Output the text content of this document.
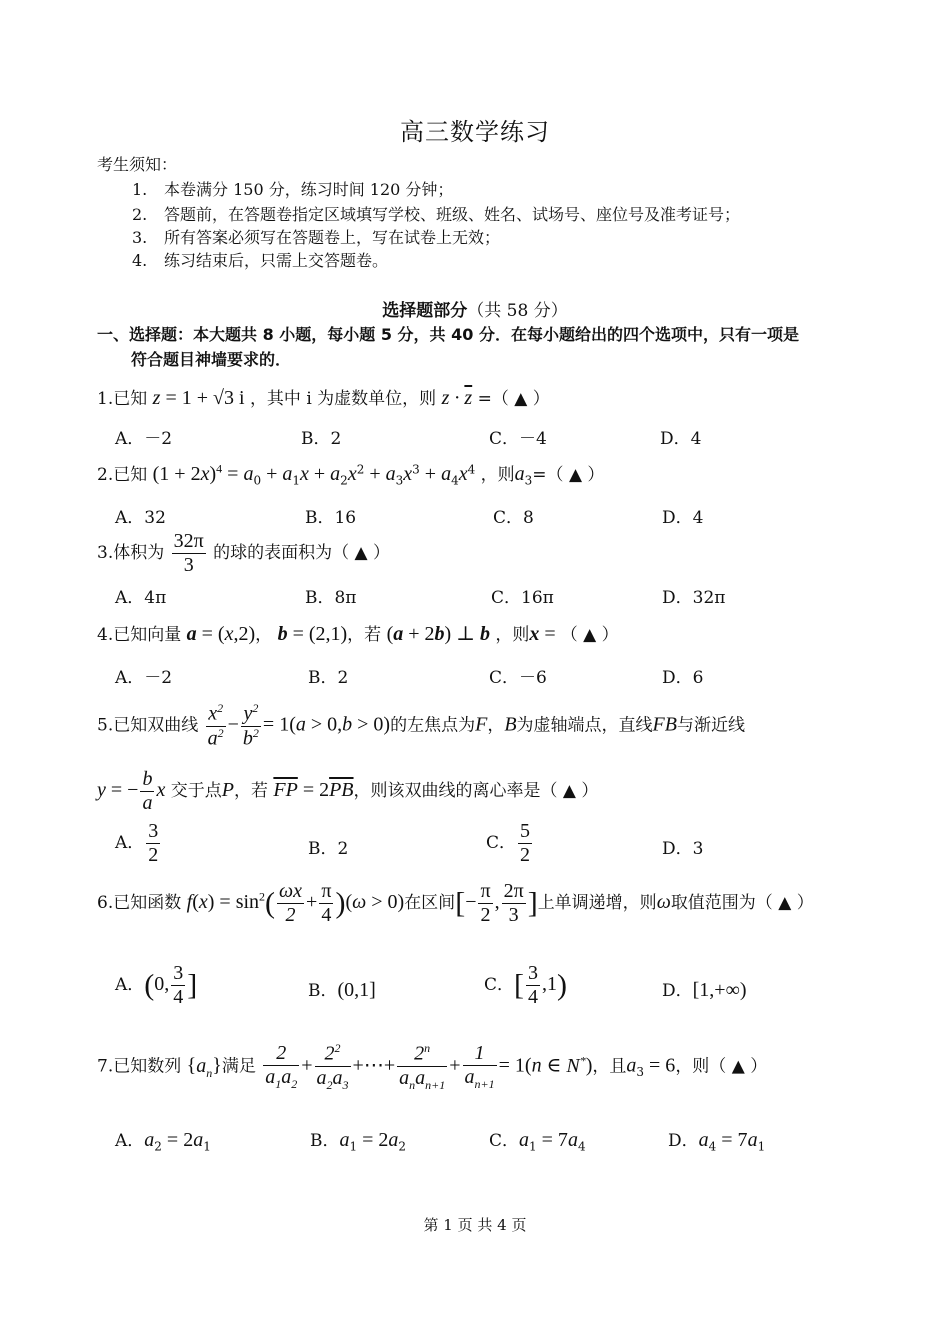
高三数学练习
考生须知：
1. 本卷满分 150 分，练习时间 120 分钟；
2. 答题前，在答题卷指定区域填写学校、班级、姓名、试场号、座位号及准考证号；
3. 所有答案必须写在答题卷上，写在试卷上无效；
4. 练习结束后，只需上交答题卷。
选择题部分（共 58 分）
一、选择题：本大题共 8 小题，每小题 5 分，共 40 分．在每小题给出的四个选项中，只有一项是
符合题目神墙要求的．
1.已知 z = 1 + √3 i ，其中 i 为虚数单位，则 $z \cdot \overline{z}$ =（ ▲ ）
A．－2	B．2	C．－4	D．4
2.已知 $(1 + 2x)^4 = a_0 + a_1x + a_2x^2 + a_3x^3 + a_4x^4$ ，则$a_3=$（ ▲ ）
A．32	B．16	C．8	D．4
3.体积为 $\frac{32\pi}{3}$ 的球的表面积为（ ▲ ）
A．4π	B．8π	C．16π	D．32π
4.已知向量 a = (x,2)， b = (2,1)，若 (a + 2b) ⊥ b ，则x = （ ▲ ）
A．－2	B．2	C．－6	D．6
5.已知双曲线 $\frac{x^2}{a^2} - \frac{y^2}{b^2} = 1(a > 0,b > 0)$的左焦点为F，B为虚轴端点，直线FB与渐近线
y = − $\frac{b}{a}$ x 交于点P，若 $\overline{FP} = 2\overline{PB}$，则该双曲线的离心率是（ ▲ ）
A． $\frac{3}{2}$	B．2	C． $\frac{5}{2}$	D．3
6.已知函数 $f(x) = \sin^2( \frac{\omega x}{2} + \frac{\pi}{4} )(\omega > 0)$在区间[− $\frac{\pi}{2}$ , $\frac{2\pi}{3}$ ]上单调递增，则ω取值范围为（ ▲ ）
A．(0, $\frac{3}{4}$ ]	B．(0,1]	C．[ $\frac{3}{4} ,1$)	D．[1,+∞)
7.已知数列 $\{a_n\}$满足 $\frac{2}{a_1a_2} + \frac{2^2}{a_2a_3}$ +⋯+ $\frac{2^n}{a_na_{n+1}} + \frac{1}{a_{n+1}} = 1(n$ ∈ N*)，且$a_3 = 6$，则（ ▲ ）
A．$a_2 = 2a_1$	B．$a_1 = 2a_2$	C．$a_1 = 7a_4$	D．$a_4 = 7a_1$
第 1 页 共 4 页
